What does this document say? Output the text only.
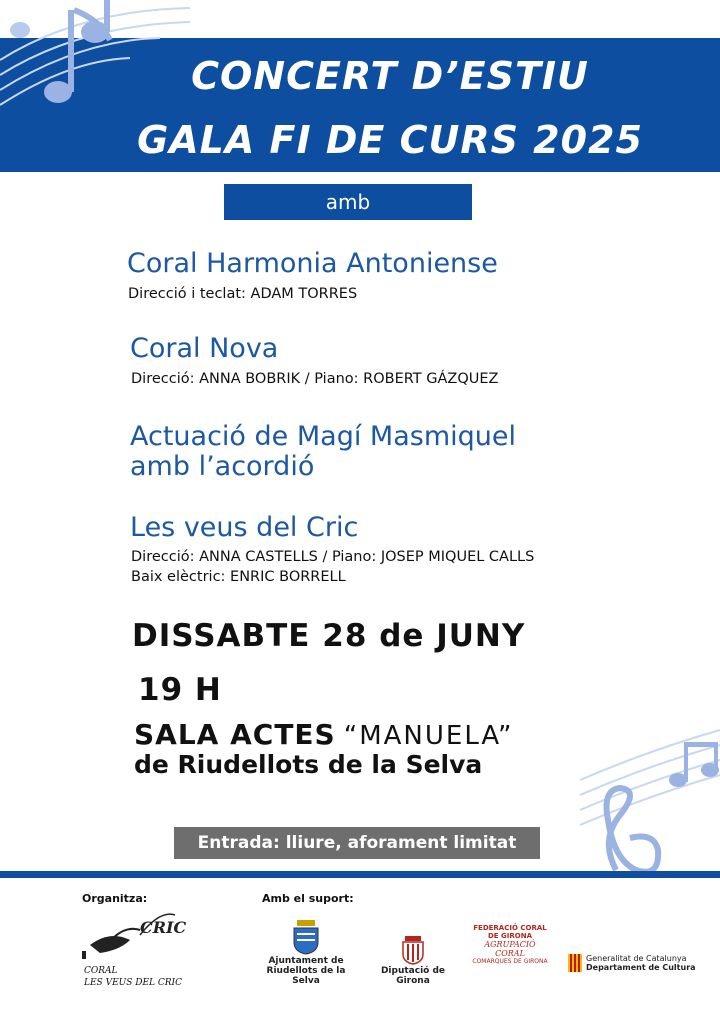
CONCERT D’ESTIU
GALA FI DE CURS 2025
amb
Coral Harmonia Antoniense
Direcció i teclat: ADAM TORRES
Coral Nova
Direcció: ANNA BOBRIK / Piano: ROBERT GÁZQUEZ
Actuació de Magí Masmiquel
amb l’acordió
Les veus del Cric
Direcció: ANNA CASTELLS / Piano: JOSEP MIQUEL CALLS
Baix elèctric: ENRIC BORRELL
DISSABTE 28 de JUNY
19 H
SALA ACTES “MANUELA”
de Riudellots de la Selva
Entrada: lliure, aforament limitat
Organitza:	Amb el suport:
CRIC
CORAL
LES VEUS DEL CRIC
Ajuntament de
Riudellots de la Selva
Diputació de Girona
FEDERACIÓ CORAL DE GIRONA
AGRUPACIÓ
CORAL
COMARQUES DE GIRONA	Generalitat de Catalunya
Departament de Cultura
